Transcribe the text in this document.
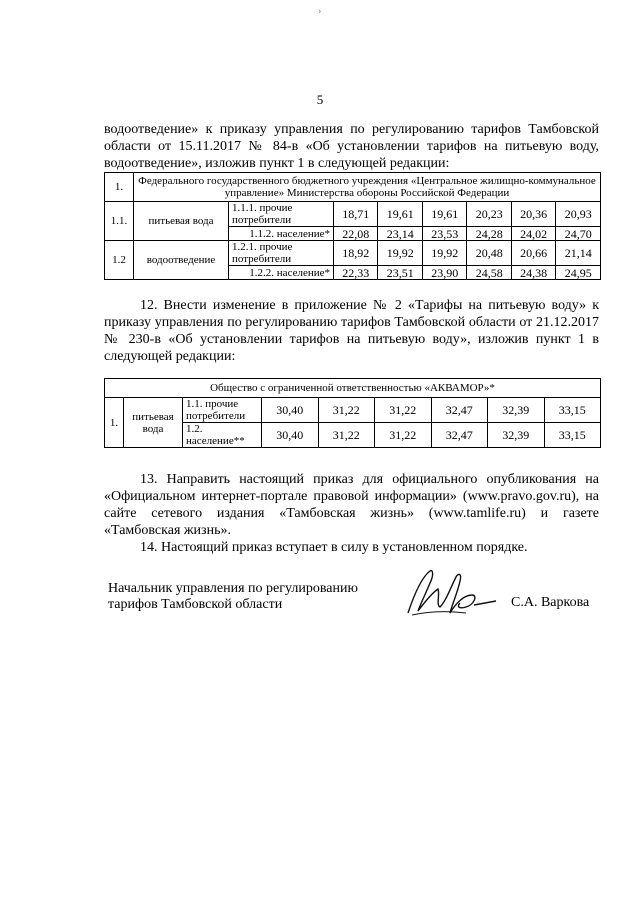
›
5

водоотведение» к приказу управления по регулированию тарифов Тамбовской области от 15.11.2017 № 84-в «Об установлении тарифов на питьевую воду, водоотведение», изложив пункт 1 в следующей редакции:

1.	Федерального государственного бюджетного учреждения «Центральное жилищно-коммунальное управление» Министерства обороны Российской Федерации							
1.1.	питьевая вода	1.1.1. прочие потребители	18,71	19,61	19,61	20,23	20,36	20,93
		1.1.2. население*	22,08	23,14	23,53	24,28	24,02	24,70
1.2	водоотведение	1.2.1. прочие потребители	18,92	19,92	19,92	20,48	20,66	21,14
		1.2.2. население*	22,33	23,51	23,90	24,58	24,38	24,95

12. Внести изменение в приложение № 2 «Тарифы на питьевую воду» к приказу управления по регулированию тарифов Тамбовской области от 21.12.2017 № 230-в «Об установлении тарифов на питьевую воду», изложив пункт 1 в следующей редакции:

Общество с ограниченной ответственностью «АКВАМОР»*								
1.	питьевая вода	1.1. прочие потребители	30,40	31,22	31,22	32,47	32,39	33,15
		1.2. население**	30,40	31,22	31,22	32,47	32,39	33,15

13. Направить настоящий приказ для официального опубликования на «Официальном интернет-портале правовой информации» (www.pravo.gov.ru), на сайте сетевого издания «Тамбовская жизнь» (www.tamlife.ru) и газете «Тамбовская жизнь».

14. Настоящий приказ вступает в силу в установленном порядке.

Начальник управления по регулированию
тарифов Тамбовской области	С.А. Варкова
